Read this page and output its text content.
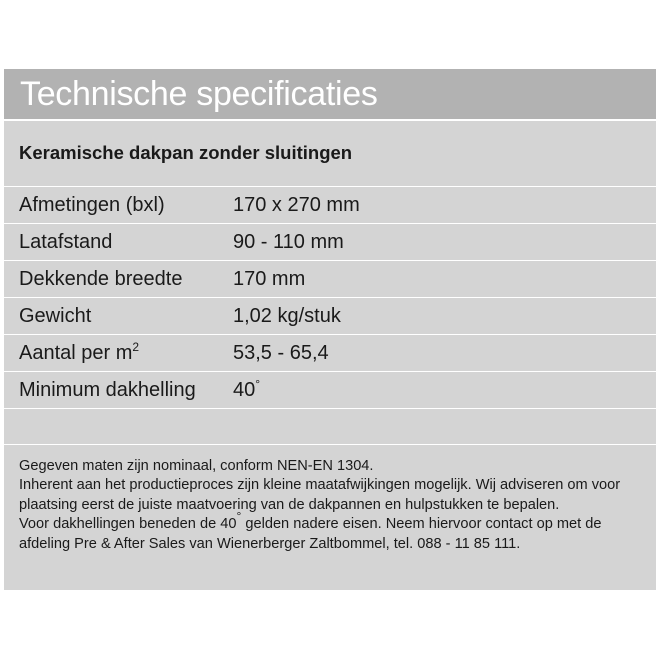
Technische specificaties
Keramische dakpan zonder sluitingen
Afmetingen (bxl)	170 x 270 mm
Latafstand	90 - 110 mm
Dekkende breedte	170 mm
Gewicht	1,02 kg/stuk
Aantal per $m^2$	53,5 - 65,4
Minimum dakhelling	40°

Gegeven maten zijn nominaal, conform NEN-EN 1304.

Inherent aan het productieproces zijn kleine maatafwijkingen mogelijk. Wij adviseren om voor plaatsing eerst de juiste maatvoering van de dakpannen en hulpstukken te bepalen.

Voor dakhellingen beneden de 40° gelden nadere eisen. Neem hiervoor contact op met de afdeling Pre & After Sales van Wienerberger Zaltbommel, tel. 088 - 11 85 111.
